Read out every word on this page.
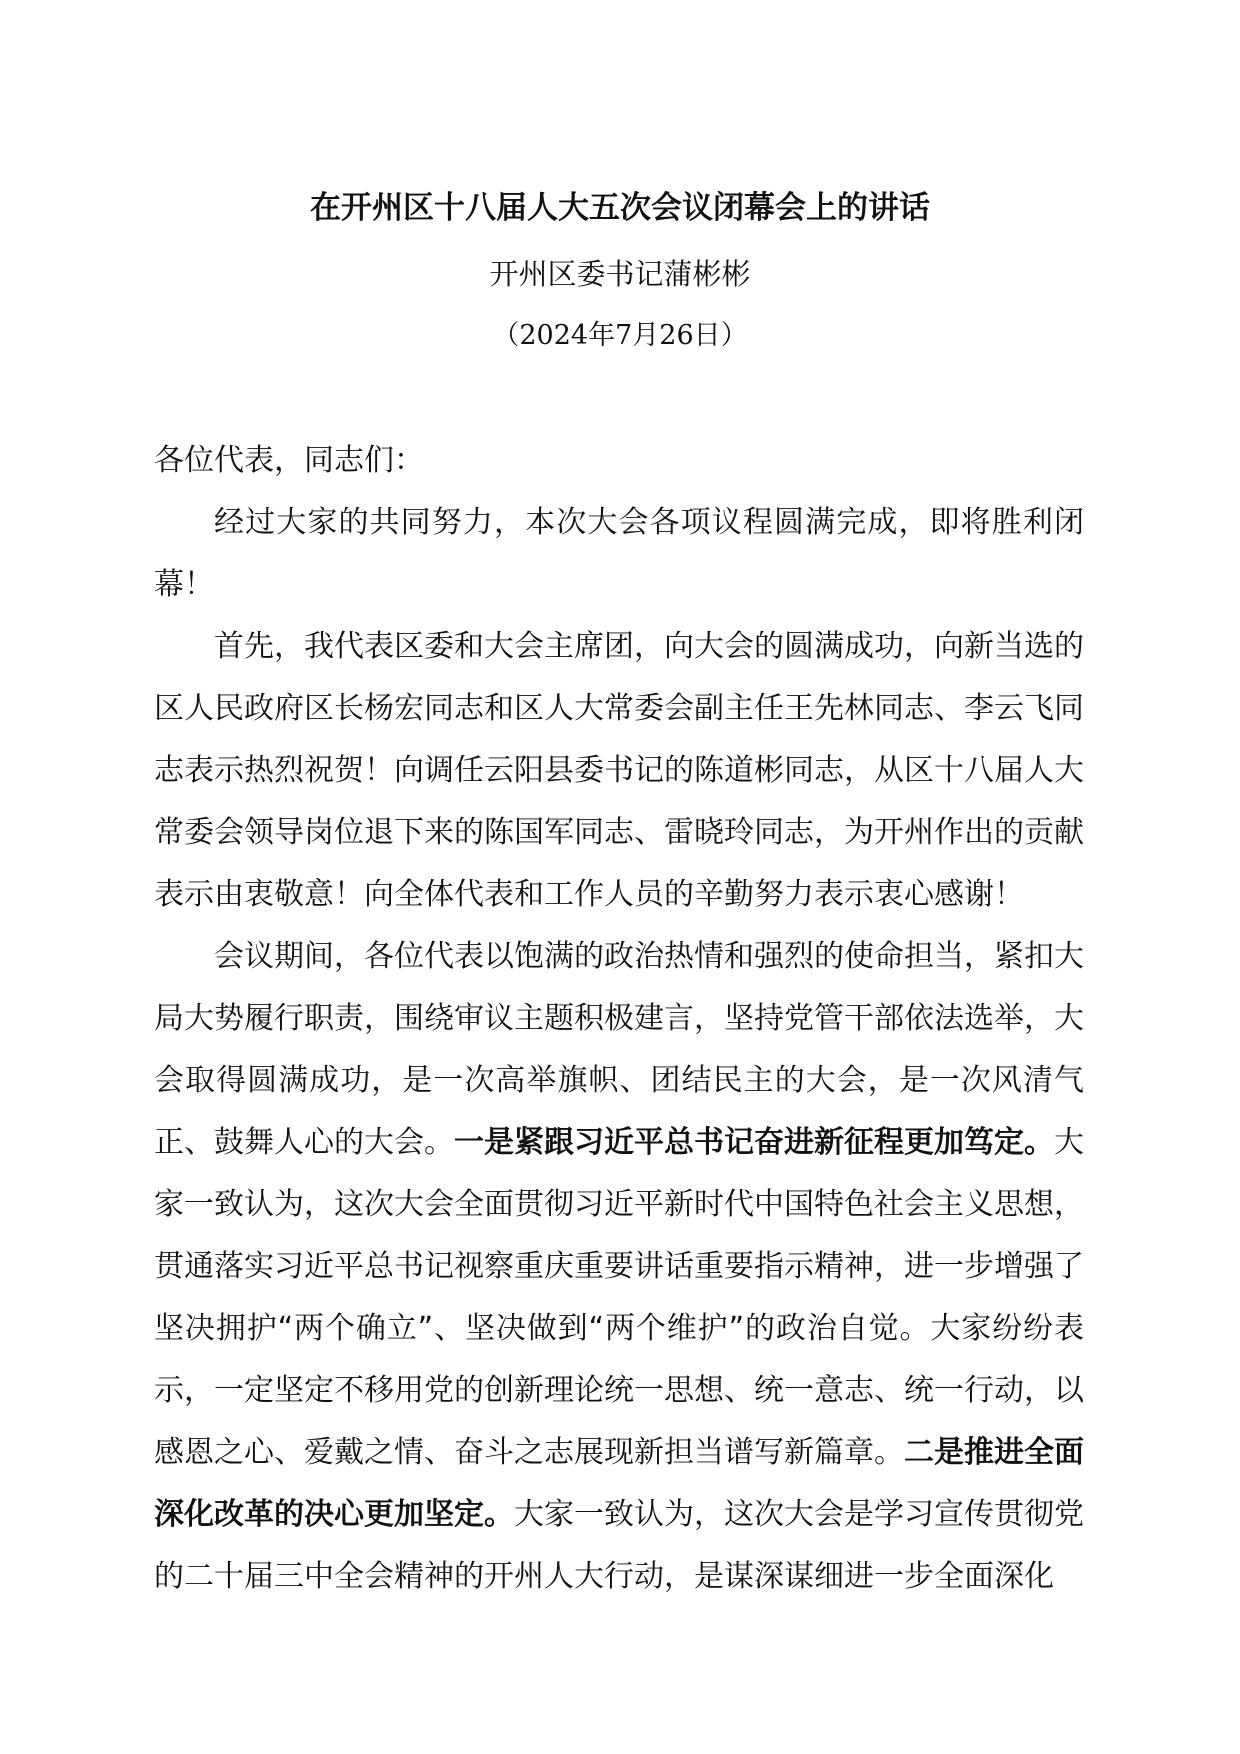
在开州区十八届人大五次会议闭幕会上的讲话
开州区委书记蒲彬彬
（2024年7月26日）

各位代表，同志们：

经过大家的共同努力，本次大会各项议程圆满完成，即将胜利闭幕！

首先，我代表区委和大会主席团，向大会的圆满成功，向新当选的区人民政府区长杨宏同志和区人大常委会副主任王先林同志、李云飞同志表示热烈祝贺！向调任云阳县委书记的陈道彬同志，从区十八届人大常委会领导岗位退下来的陈国军同志、雷晓玲同志，为开州作出的贡献表示由衷敬意！向全体代表和工作人员的辛勤努力表示衷心感谢！

会议期间，各位代表以饱满的政治热情和强烈的使命担当，紧扣大局大势履行职责，围绕审议主题积极建言，坚持党管干部依法选举，大会取得圆满成功，是一次高举旗帜、团结民主的大会，是一次风清气正、鼓舞人心的大会。一是紧跟习近平总书记奋进新征程更加笃定。大家一致认为，这次大会全面贯彻习近平新时代中国特色社会主义思想，贯通落实习近平总书记视察重庆重要讲话重要指示精神，进一步增强了坚决拥护“两个确立”、坚决做到“两个维护”的政治自觉。大家纷纷表示，一定坚定不移用党的创新理论统一思想、统一意志、统一行动，以感恩之心、爱戴之情、奋斗之志展现新担当谱写新篇章。二是推进全面深化改革的决心更加坚定。大家一致认为，这次大会是学习宣传贯彻党的二十届三中全会精神的开州人大行动，是谋深谋细进一步全面深化
